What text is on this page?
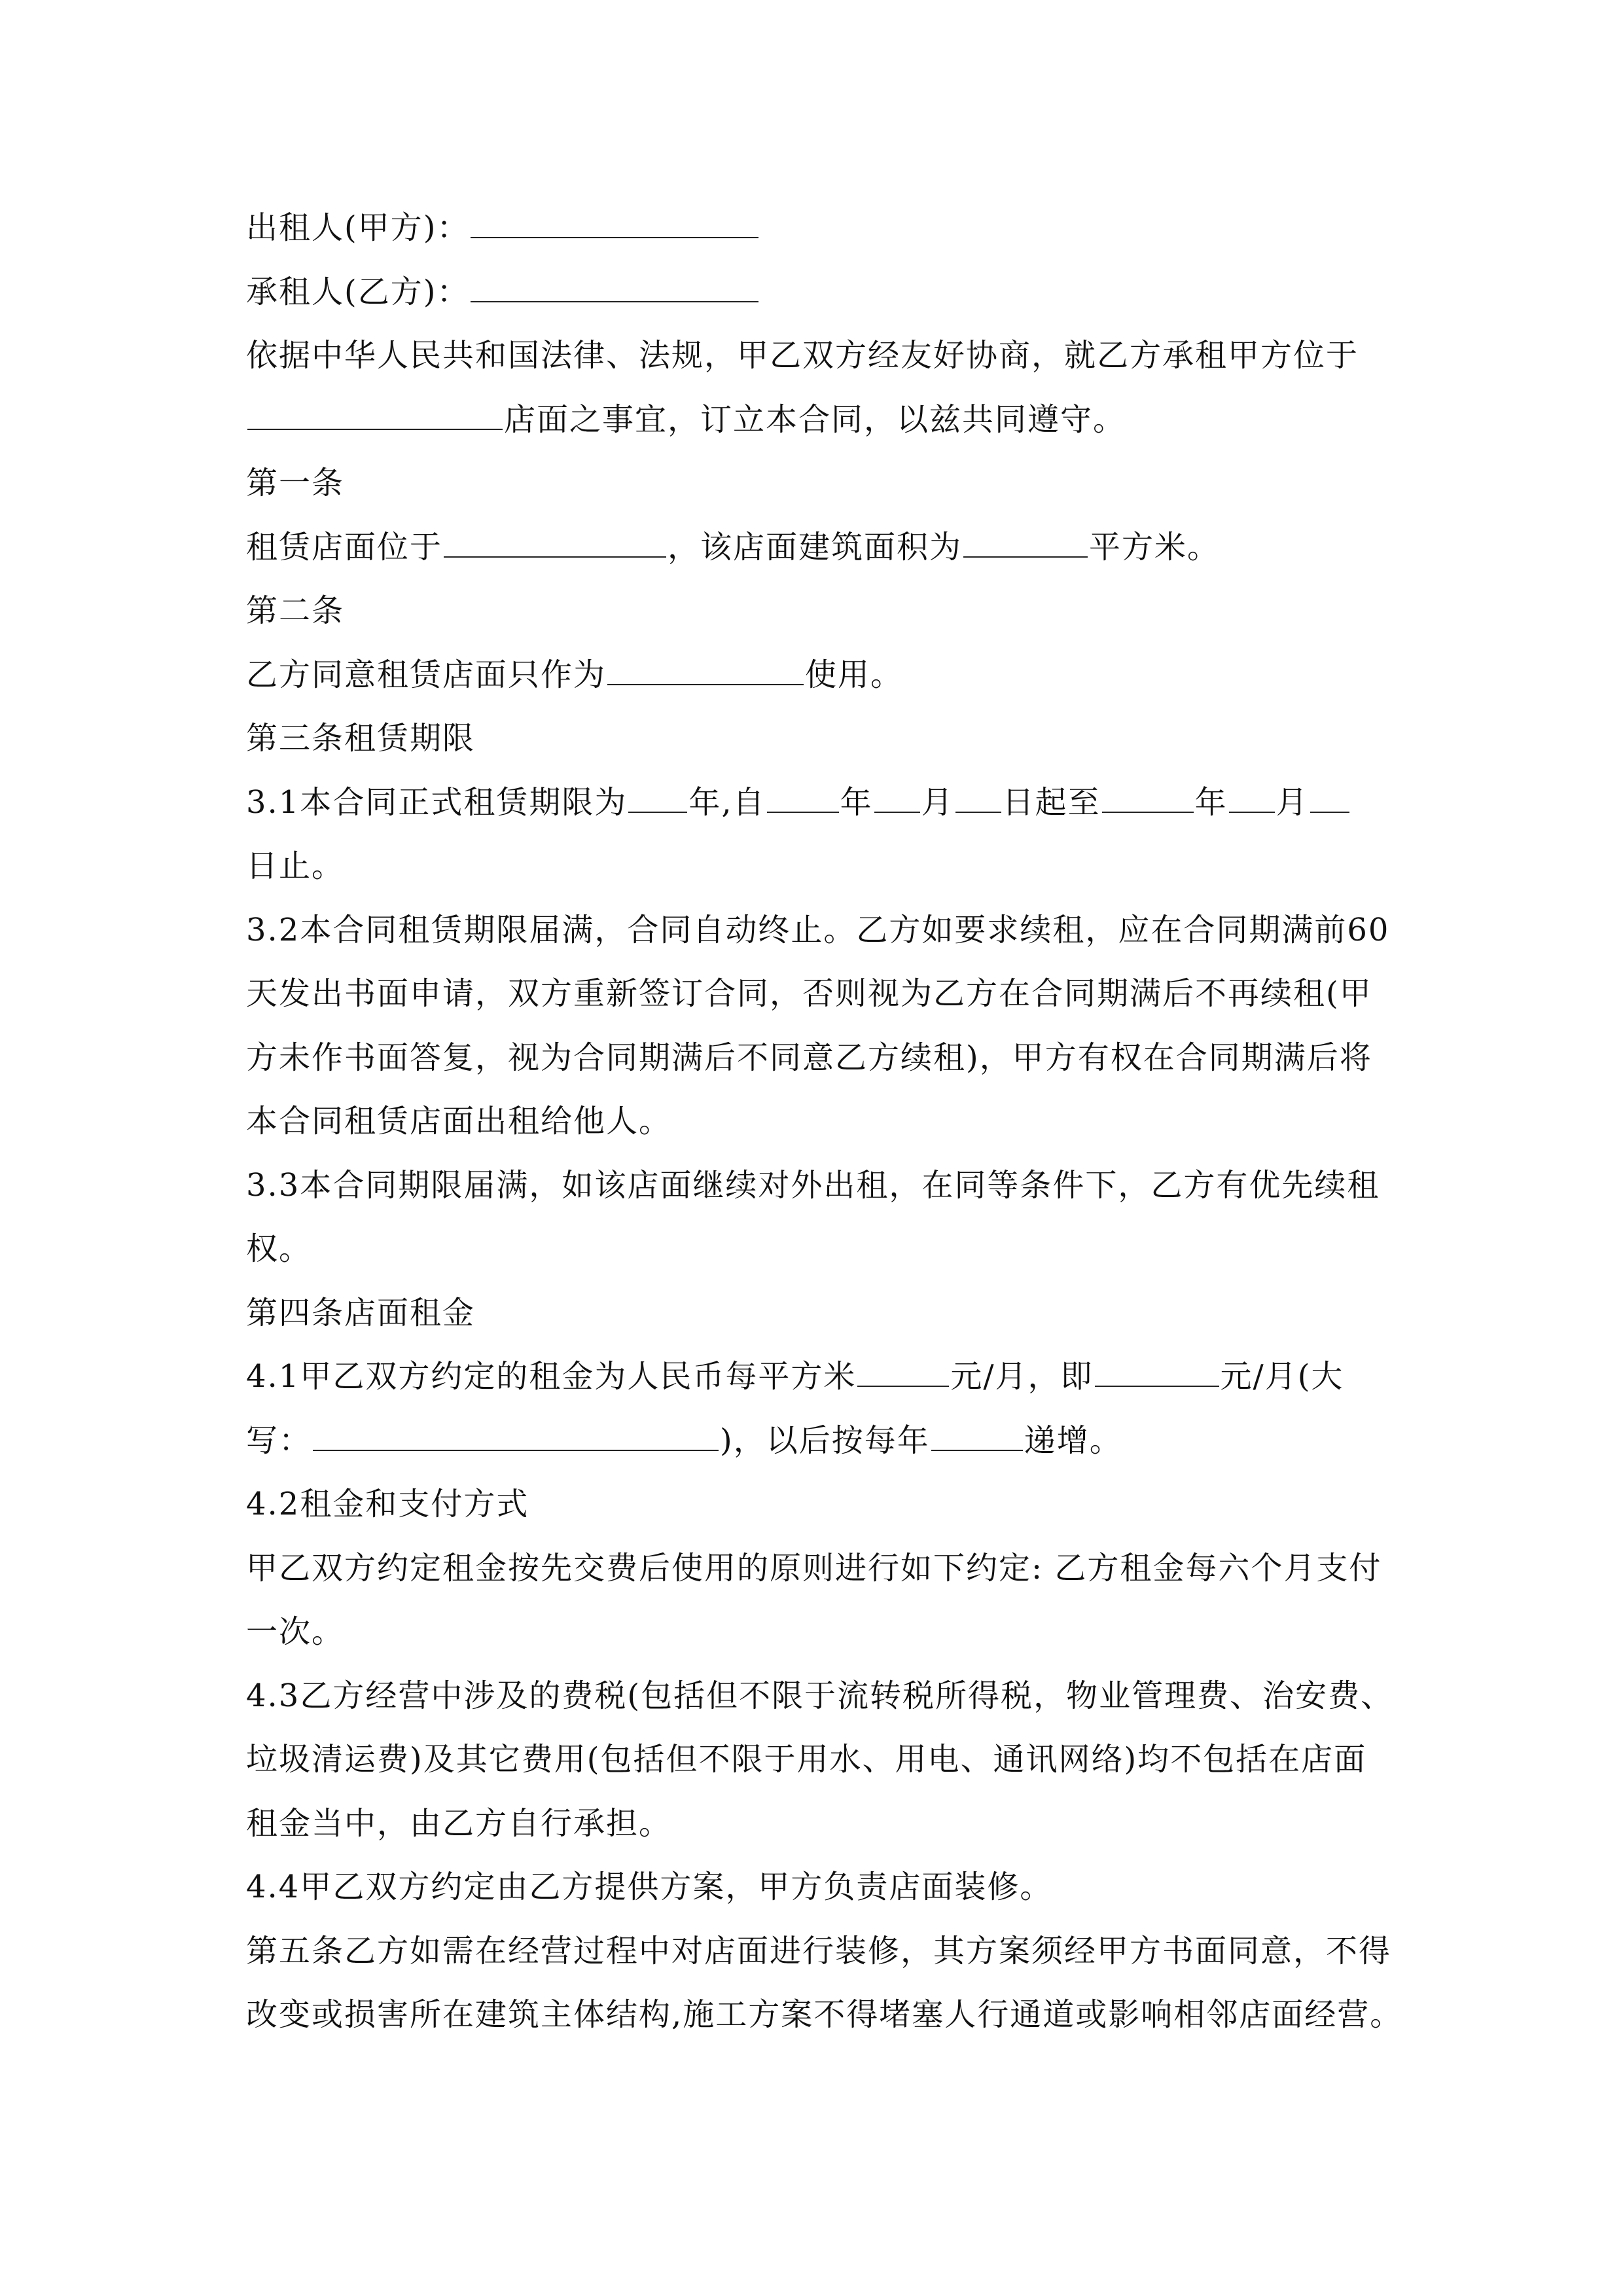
出租人(甲方)：
承租人(乙方)：
依据中华人民共和国法律、法规，甲乙双方经友好协商，就乙方承租甲方位于
店面之事宜，订立本合同，以兹共同遵守。
第一条
租赁店面位于	，该店面建筑面积为	平方米。
第二条
乙方同意租赁店面只作为	使用。
第三条租赁期限
3.1本合同正式租赁期限为 年,自 年 月 日起至	年 月
日止。
3.2本合同租赁期限届满，合同自动终止。乙方如要求续租，应在合同期满前60
天发出书面申请，双方重新签订合同，否则视为乙方在合同期满后不再续租(甲
方未作书面答复，视为合同期满后不同意乙方续租)，甲方有权在合同期满后将
本合同租赁店面出租给他人。
3.3本合同期限届满，如该店面继续对外出租，在同等条件下，乙方有优先续租
权。
第四条店面租金
4.1甲乙双方约定的租金为人民币每平方米	元/月，即	元/月(大
写：	)，以后按每年	递增。
4.2租金和支付方式
甲乙双方约定租金按先交费后使用的原则进行如下约定: 乙方租金每六个月支付
一次。
4.3乙方经营中涉及的费税(包括但不限于流转税所得税，物业管理费、治安费、
垃圾清运费)及其它费用(包括但不限于用水、用电、通讯网络)均不包括在店面
租金当中，由乙方自行承担。
4.4甲乙双方约定由乙方提供方案，甲方负责店面装修。
第五条乙方如需在经营过程中对店面进行装修，其方案须经甲方书面同意，不得
改变或损害所在建筑主体结构,施工方案不得堵塞人行通道或影响相邻店面经营。
